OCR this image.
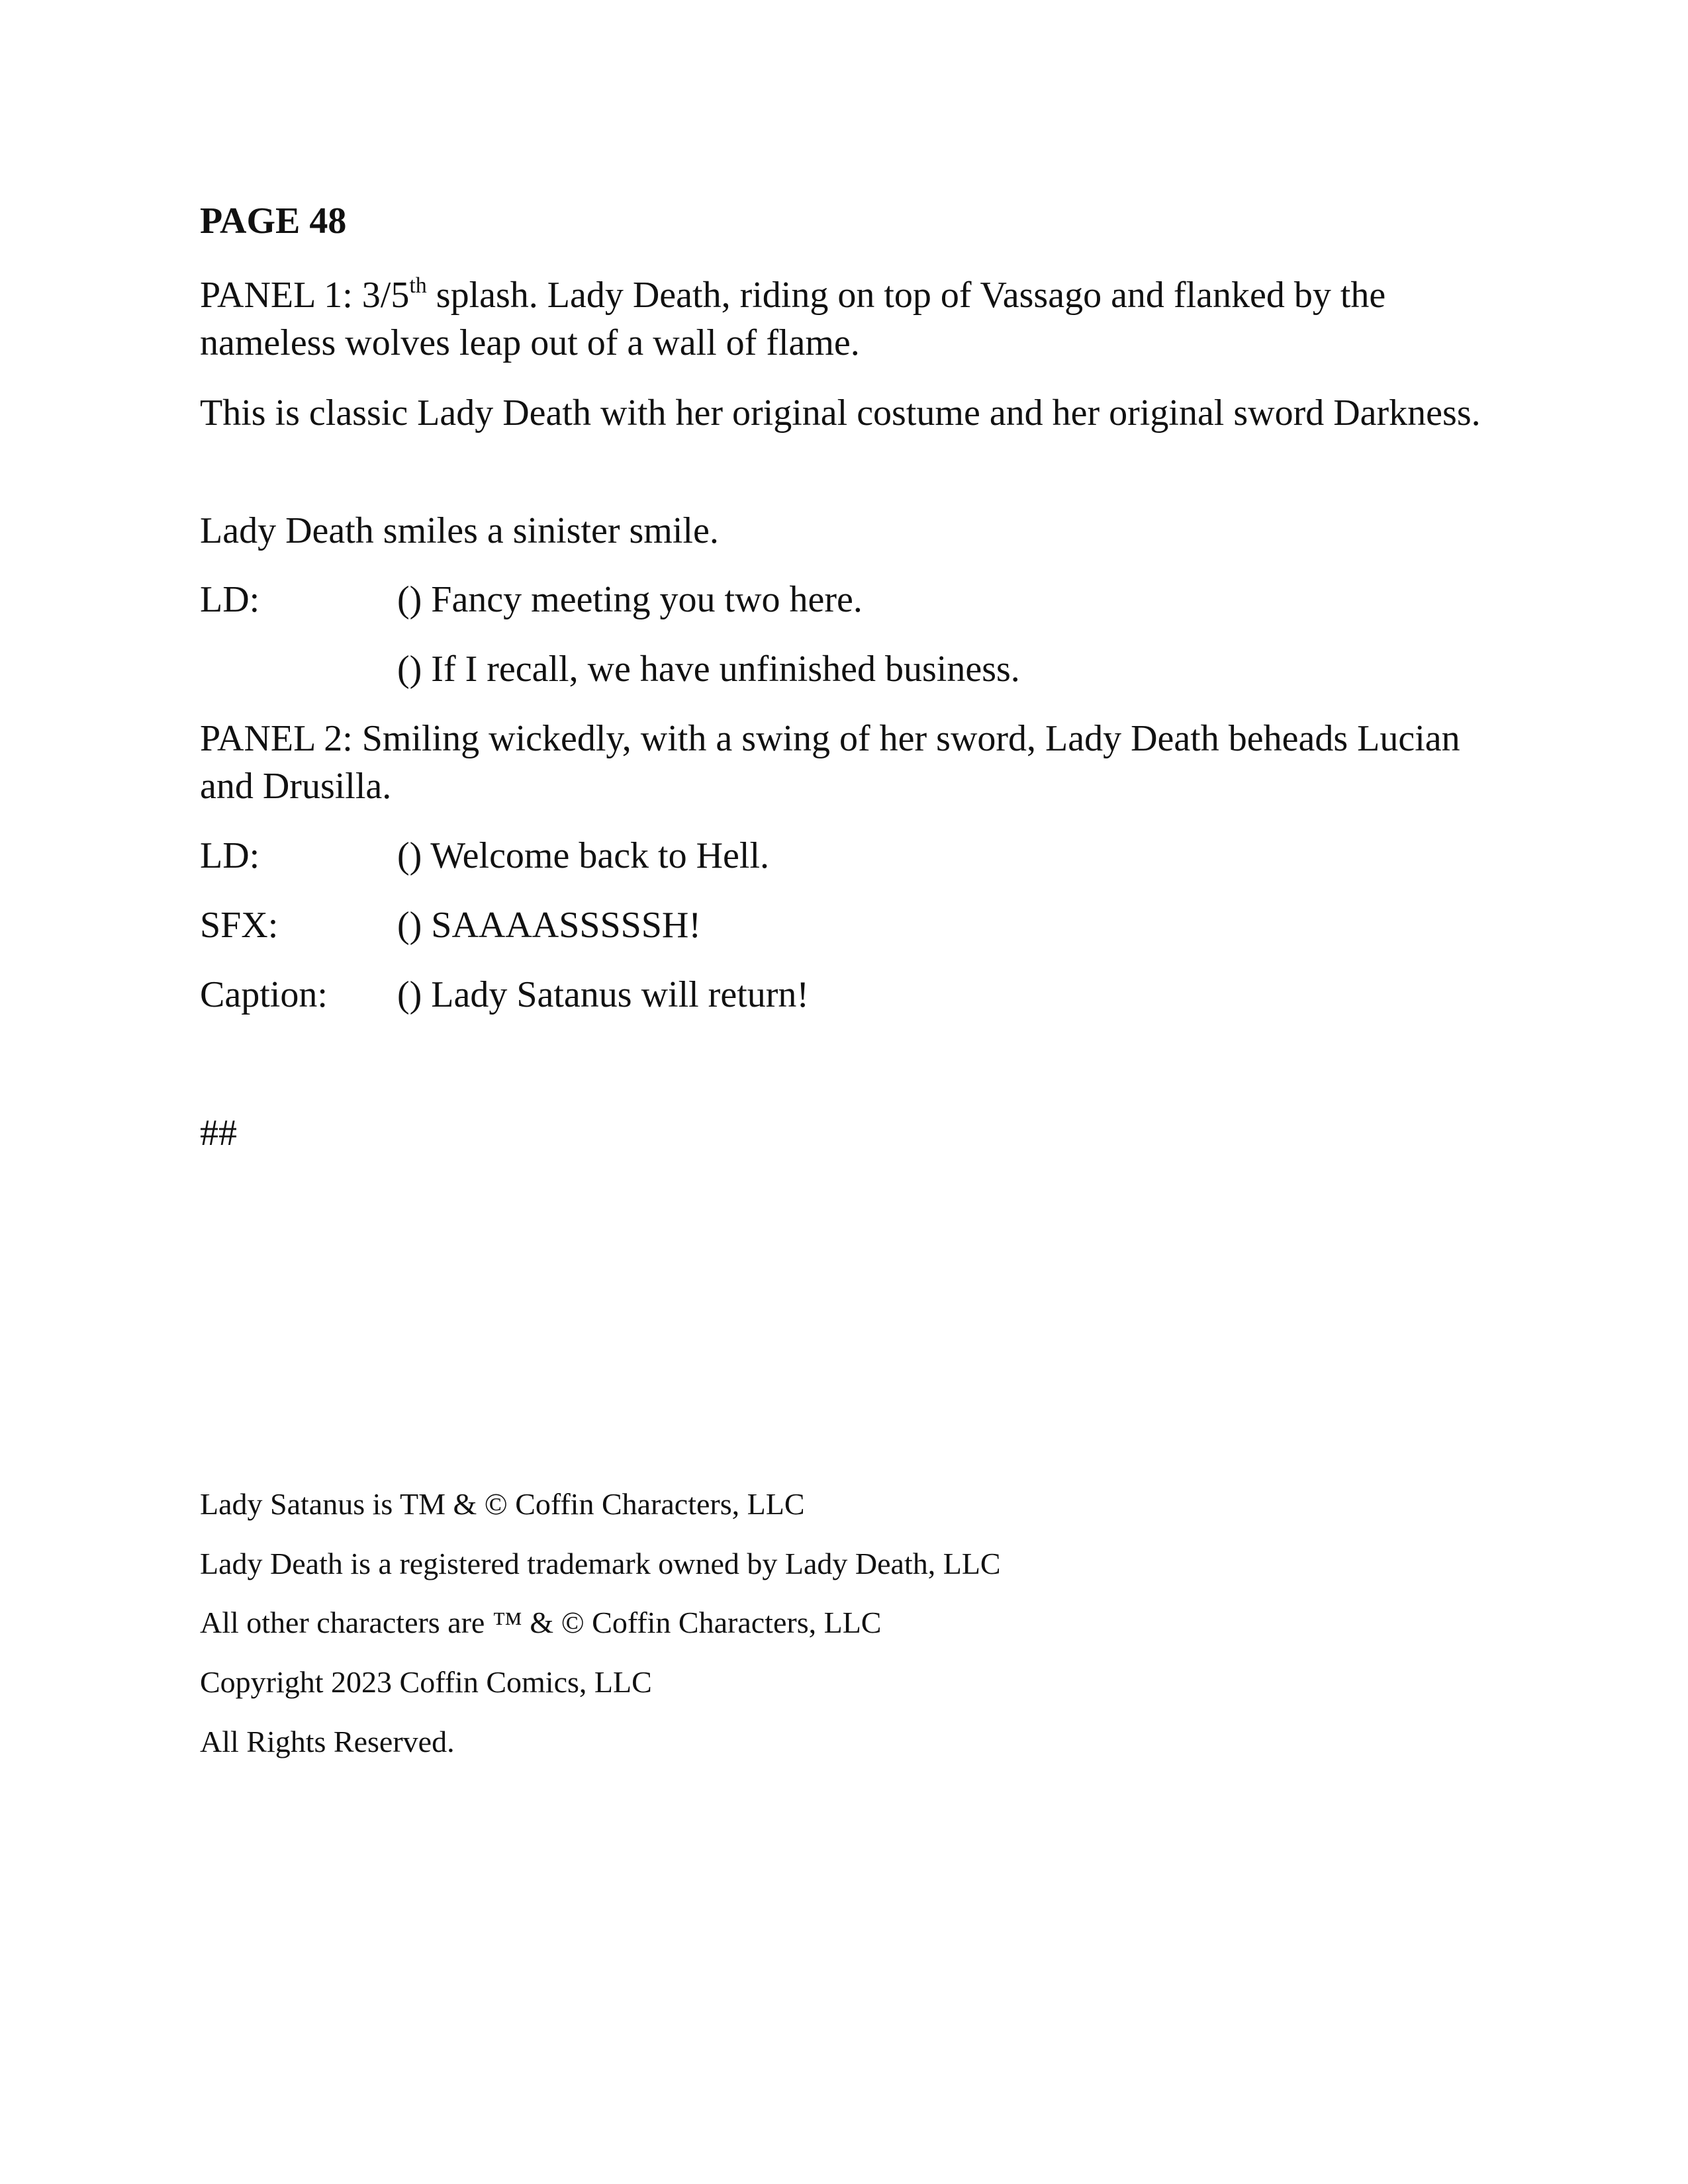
PAGE 48
PANEL 1: 3/5th splash. Lady Death, riding on top of Vassago and flanked by the nameless wolves leap out of a wall of flame.
This is classic Lady Death with her original costume and her original sword Darkness.
Lady Death smiles a sinister smile.
LD:	() Fancy meeting you two here.
() If I recall, we have unfinished business.
PANEL 2: Smiling wickedly, with a swing of her sword, Lady Death beheads Lucian and Drusilla.
LD:	() Welcome back to Hell.
SFX:	() SAAAASSSSSH!
Caption: () Lady Satanus will return!
##
Lady Satanus is TM & © Coffin Characters, LLC
Lady Death is a registered trademark owned by Lady Death, LLC
All other characters are ™ & © Coffin Characters, LLC
Copyright 2023 Coffin Comics, LLC
All Rights Reserved.
